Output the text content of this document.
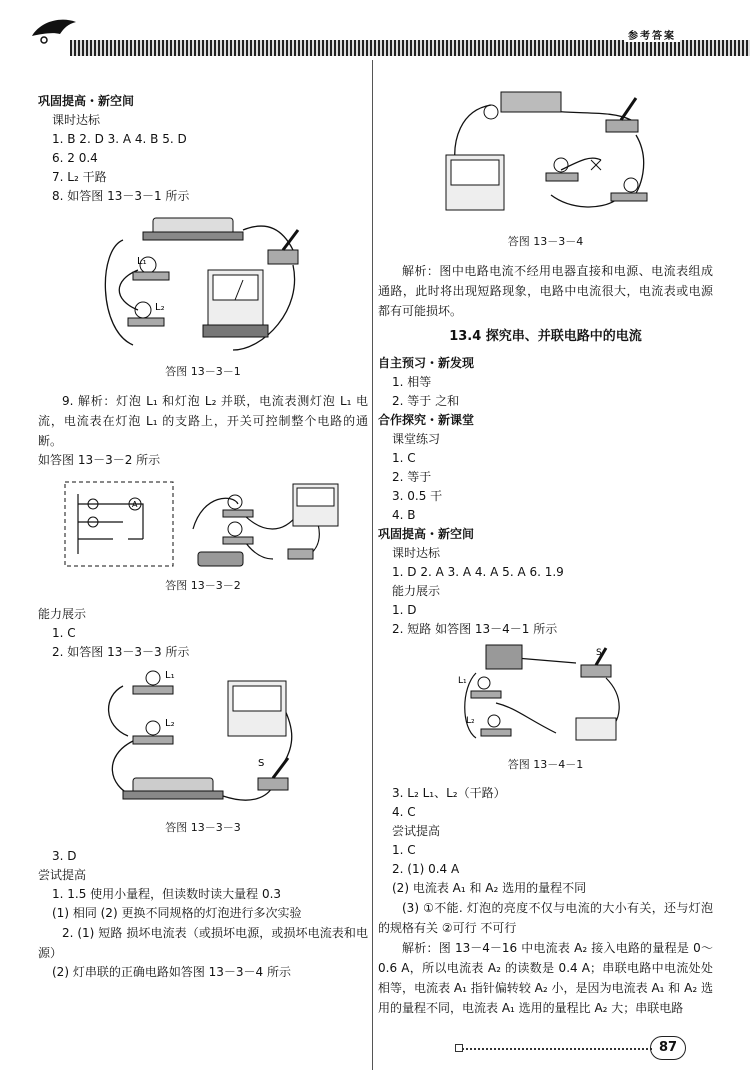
参考答案
巩固提高・新空间
课时达标
1. B 2. D 3. A 4. B 5. D
6. 2 0.4
7. L₂ 干路
8. 如答图 13－3－1 所示
L₁
L₂
答图 13－3－1
9. 解析：灯泡 L₁ 和灯泡 L₂ 并联，电流表测灯泡 L₁ 电流，电流表在灯泡 L₁ 的支路上，开关可控制整个电路的通断。
如答图 13－3－2 所示
A
答图 13－3－2
能力展示
1. C
2. 如答图 13－3－3 所示
L₁
L₂
S
答图 13－3－3
3. D
尝试提高
1. 1.5 使用小量程，但读数时读大量程 0.3
(1) 相同 (2) 更换不同规格的灯泡进行多次实验
2. (1) 短路 损坏电流表（或损坏电源，或损坏电流表和电源）
(2) 灯串联的正确电路如答图 13－3－4 所示
答图 13－3－4
解析：图中电路电流不经用电器直接和电源、电流表组成通路，此时将出现短路现象，电路中电流很大，电流表或电源都有可能损坏。
13.4 探究串、并联电路中的电流
自主预习・新发现
1. 相等
2. 等于 之和
合作探究・新课堂
课堂练习
1. C
2. 等于
3. 0.5 干
4. B
巩固提高・新空间
课时达标
1. D 2. A 3. A 4. A 5. A 6. 1.9
能力展示
1. D
2. 短路 如答图 13－4－1 所示
L₁
L₂
S
答图 13－4－1
3. L₂ L₁、L₂（干路）
4. C
尝试提高
1. C
2. (1) 0.4 A
(2) 电流表 A₁ 和 A₂ 选用的量程不同
(3) ①不能. 灯泡的亮度不仅与电流的大小有关，还与灯泡的规格有关 ②可行 不可行
解析：图 13－4－16 中电流表 A₂ 接入电路的量程是 0～0.6 A，所以电流表 A₂ 的读数是 0.4 A；串联电路中电流处处相等，电流表 A₁ 指针偏转较 A₂ 小，是因为电流表 A₁ 和 A₂ 选用的量程不同，电流表 A₁ 选用的量程比 A₂ 大；串联电路
87
